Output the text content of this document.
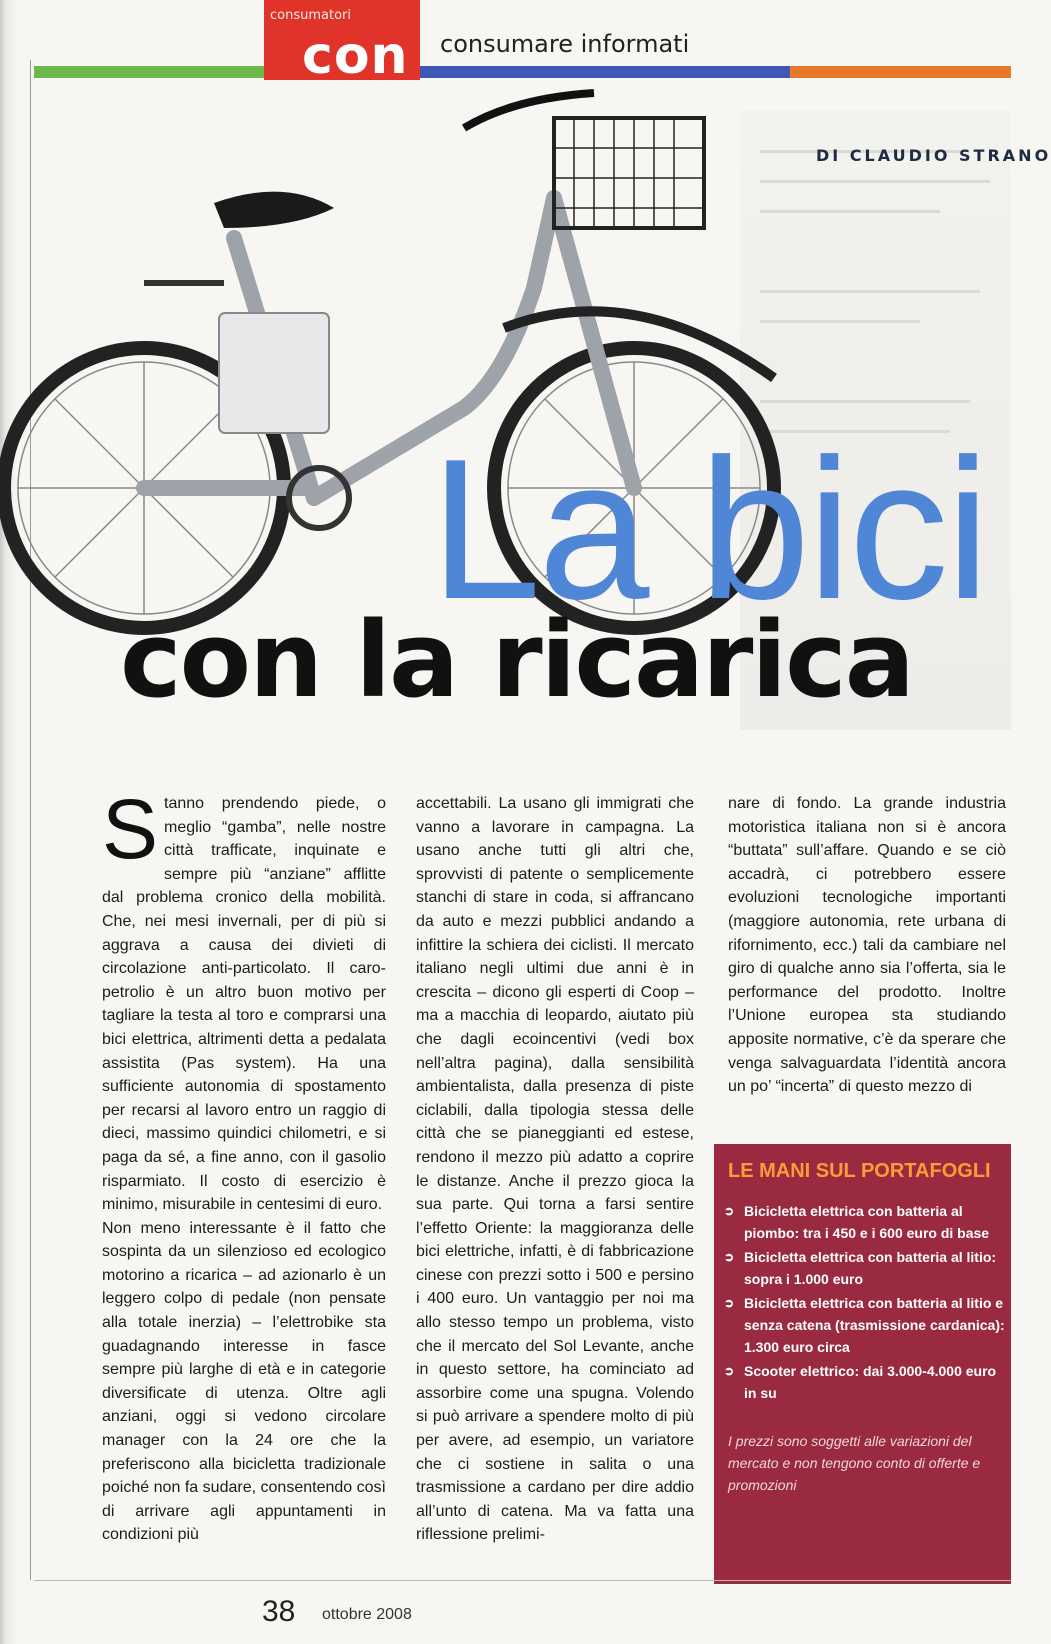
consumatori
con consumare informati
DI CLAUDIO STRANO
La bici
con la ricarica
S tanno prendendo piede, o meglio “gamba”, nelle nostre città trafficate, inquinate e sempre più “anziane” afflitte dal problema cronico della mobilità. Che, nei mesi invernali, per di più si aggrava a causa dei divieti di circolazione anti-particolato. Il caro-petrolio è un altro buon motivo per tagliare la testa al toro e comprarsi una bici elettrica, altrimenti detta a pedalata assistita (Pas system). Ha una sufficiente autonomia di spostamento per recarsi al lavoro entro un raggio di dieci, massimo quindici chilometri, e si paga da sé, a fine anno, con il gasolio risparmiato. Il costo di esercizio è minimo, misurabile in centesimi di euro.

Non meno interessante è il fatto che sospinta da un silenzioso ed ecologico motorino a ricarica – ad azionarlo è un leggero colpo di pedale (non pensate alla totale inerzia) – l’elettrobike sta guadagnando interesse in fasce sempre più larghe di età e in categorie diversificate di utenza. Oltre agli anziani, oggi si vedono circolare manager con la 24 ore che la preferiscono alla bicicletta tradizionale poiché non fa sudare, consentendo così di arrivare agli appuntamenti in condizioni più

accettabili. La usano gli immigrati che vanno a lavorare in campagna. La usano anche tutti gli altri che, sprovvisti di patente o semplicemente stanchi di stare in coda, si affrancano da auto e mezzi pubblici andando a infittire la schiera dei ciclisti. Il mercato italiano negli ultimi due anni è in crescita – dicono gli esperti di Coop – ma a macchia di leopardo, aiutato più che dagli ecoincentivi (vedi box nell’altra pagina), dalla sensibilità ambientalista, dalla presenza di piste ciclabili, dalla tipologia stessa delle città che se pianeggianti ed estese, rendono il mezzo più adatto a coprire le distanze. Anche il prezzo gioca la sua parte. Qui torna a farsi sentire l’effetto Oriente: la maggioranza delle bici elettriche, infatti, è di fabbricazione cinese con prezzi sotto i 500 e persino i 400 euro. Un vantaggio per noi ma allo stesso tempo un problema, visto che il mercato del Sol Levante, anche in questo settore, ha cominciato ad assorbire come una spugna. Volendo si può arrivare a spendere molto di più per avere, ad esempio, un variatore che ci sostiene in salita o una trasmissione a cardano per dire addio all’unto di catena. Ma va fatta una riflessione prelimi-

nare di fondo. La grande industria motoristica italiana non si è ancora “buttata” sull’affare. Quando e se ciò accadrà, ci potrebbero essere evoluzioni tecnologiche importanti (maggiore autonomia, rete urbana di rifornimento, ecc.) tali da cambiare nel giro di qualche anno sia l’offerta, sia le performance del prodotto. Inoltre l’Unione europea sta studiando apposite normative, c’è da sperare che venga salvaguardata l’identità ancora un po’ “incerta” di questo mezzo di

LE MANI SUL PORTAFOGLI
➲ Bicicletta elettrica con batteria al piombo: tra i 450 e i 600 euro di base
➲ Bicicletta elettrica con batteria al litio: sopra i 1.000 euro
➲ Bicicletta elettrica con batteria al litio e senza catena (trasmissione cardanica): 1.300 euro circa
➲ Scooter elettrico: dai 3.000-4.000 euro in su
I prezzi sono soggetti alle variazioni del mercato e non tengono conto di offerte e promozioni
38 ottobre 2008
